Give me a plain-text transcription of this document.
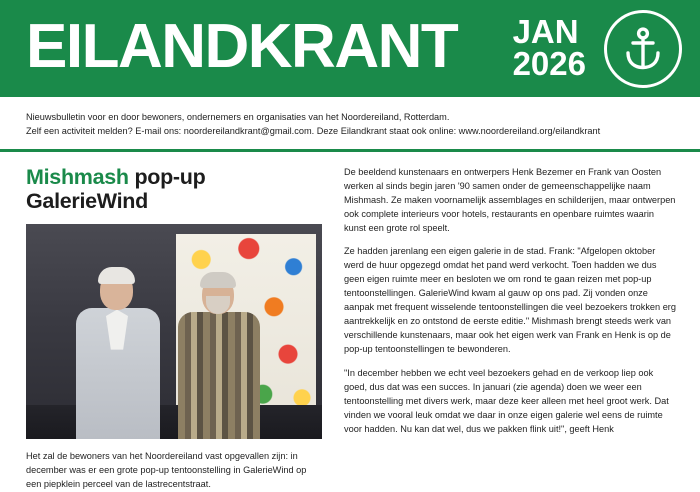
EILANDKRANT JAN
2026
Nieuwsbulletin voor en door bewoners, ondernemers en organisaties van het Noordereiland, Rotterdam.
Zelf een activiteit melden? E-mail ons: noordereilandkrant@gmail.com. Deze Eilandkrant staat ook online: www.noordereiland.org/eilandkrant
Mishmash pop-up GalerieWind
Het zal de bewoners van het Noordereiland vast opgevallen zijn: in december was er een grote pop-up tentoonstelling in GalerieWind op een piepklein perceel van de lastrecentstraat.

De beeldend kunstenaars en ontwerpers Henk Bezemer en Frank van Oosten werken al sinds begin jaren '90 samen onder de gemeenschappelijke naam Mishmash. Ze maken voornamelijk assemblages en schilderijen, maar ontwerpen ook complete interieurs voor hotels, restaurants en openbare ruimtes waarin kunst een grote rol speelt.

Ze hadden jarenlang een eigen galerie in de stad. Frank: "Afgelopen oktober werd de huur opgezegd omdat het pand werd verkocht. Toen hadden we dus geen eigen ruimte meer en besloten we om rond te gaan reizen met pop-up tentoonstellingen. GalerieWind kwam al gauw op ons pad. Zij vonden onze aanpak met frequent wisselende tentoonstellingen die veel bezoekers trokken erg aantrekkelijk en zo ontstond de eerste editie." Mishmash brengt steeds werk van verschillende kunstenaars, maar ook het eigen werk van Frank en Henk is op de pop-up tentoonstellingen te bewonderen.

"In december hebben we echt veel bezoekers gehad en de verkoop liep ook goed, dus dat was een succes. In januari (zie agenda) doen we weer een tentoonstelling met divers werk, maar deze keer alleen met heel groot werk. Dat vinden we vooral leuk omdat we daar in onze eigen galerie wel eens de ruimte voor hadden. Nu kan dat wel, dus we pakken flink uit!", geeft Henk
